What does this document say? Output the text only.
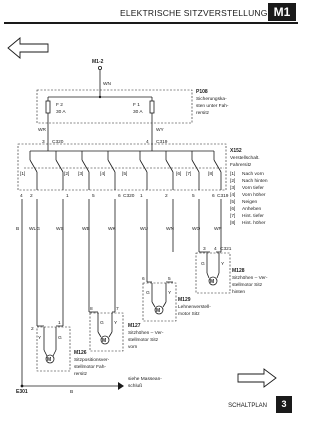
ELEKTRISCHE SITZVERSTELLUNG M1
M1-2
WN
F 2
30 A
F 1
30 A
P108
Sicherungska-
sten unter Fah-
rersitz
WR	WY
3 C320	4 C319
[1]	[2] [3]	[4]	[5]	[6] [7]	[8]
X152
Verstellschalt.
Fahrersitz
[1] Nach vorn
[2] Nach hinten
[3] Vorn tiefer
[4] Vorn höher
[5] Neigen
[6] Anheben
[7] Hint. tiefer
[8] Hint. höher
4 2	1	5	6 C320 1	2	5	6 C319
B WLG	WS	WB	WK	WU	WN	WO	WP
3 4 C321
G	Y
M
M128
Sitzhöhen – Ver-
stellmotor Sitz
hinten
6	5
G	Y
M
M129
Lehnenverstell-
motor Sitz
8	7
G Y
M
M127
Sitzhöhen – Ver-
stellmotor Sitz
vorn
2
1
Y	G
M
M126
Sitzpositionsver-
stellmotor Fah-
rersitz
B
E301
siehe Massean-
schluß
SCHALTPLAN	3
